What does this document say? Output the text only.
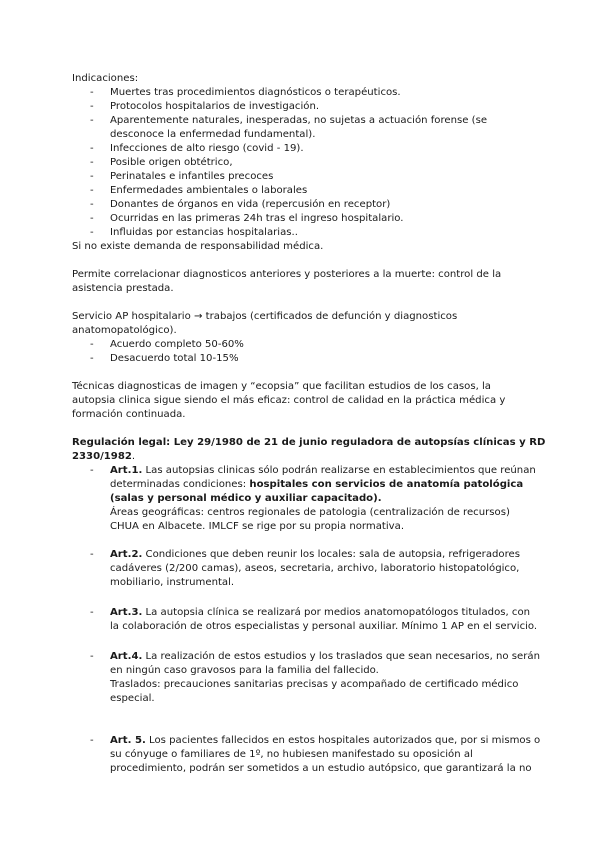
Indicaciones:
- Muertes tras procedimientos diagnósticos o terapéuticos.
- Protocolos hospitalarios de investigación.
- Aparentemente naturales, inesperadas, no sujetas a actuación forense (se
desconoce la enfermedad fundamental).
- Infecciones de alto riesgo (covid - 19).
- Posible origen obtétrico,
- Perinatales e infantiles precoces
- Enfermedades ambientales o laborales
- Donantes de órganos en vida (repercusión en receptor)
- Ocurridas en las primeras 24h tras el ingreso hospitalario.
- Influidas por estancias hospitalarias..
Si no existe demanda de responsabilidad médica.
Permite correlacionar diagnosticos anteriores y posteriores a la muerte: control de la
asistencia prestada.
Servicio AP hospitalario → trabajos (certificados de defunción y diagnosticos
anatomopatológico).
- Acuerdo completo 50-60%
- Desacuerdo total 10-15%
Técnicas diagnosticas de imagen y “ecopsia” que facilitan estudios de los casos, la
autopsia clinica sigue siendo el más eficaz: control de calidad en la práctica médica y
formación continuada.
Regulación legal: Ley 29/1980 de 21 de junio reguladora de autopsías clínicas y RD
2330/1982.
- Art.1. Las autopsias clinicas sólo podrán realizarse en establecimientos que reúnan
determinadas condiciones: hospitales con servicios de anatomía patológica
(salas y personal médico y auxiliar capacitado).
Áreas geográficas: centros regionales de patologia (centralización de recursos)
CHUA en Albacete. IMLCF se rige por su propia normativa.
- Art.2. Condiciones que deben reunir los locales: sala de autopsia, refrigeradores
cadáveres (2/200 camas), aseos, secretaria, archivo, laboratorio histopatológico,
mobiliario, instrumental.
- Art.3. La autopsia clínica se realizará por medios anatomopatólogos titulados, con
la colaboración de otros especialistas y personal auxiliar. Mínimo 1 AP en el servicio.
- Art.4. La realización de estos estudios y los traslados que sean necesarios, no serán
en ningún caso gravosos para la familia del fallecido.
Traslados: precauciones sanitarias precisas y acompañado de certificado médico
especial.
- Art. 5. Los pacientes fallecidos en estos hospitales autorizados que, por si mismos o
su cónyuge o familiares de 1º, no hubiesen manifestado su oposición al
procedimiento, podrán ser sometidos a un estudio autópsico, que garantizará la no
